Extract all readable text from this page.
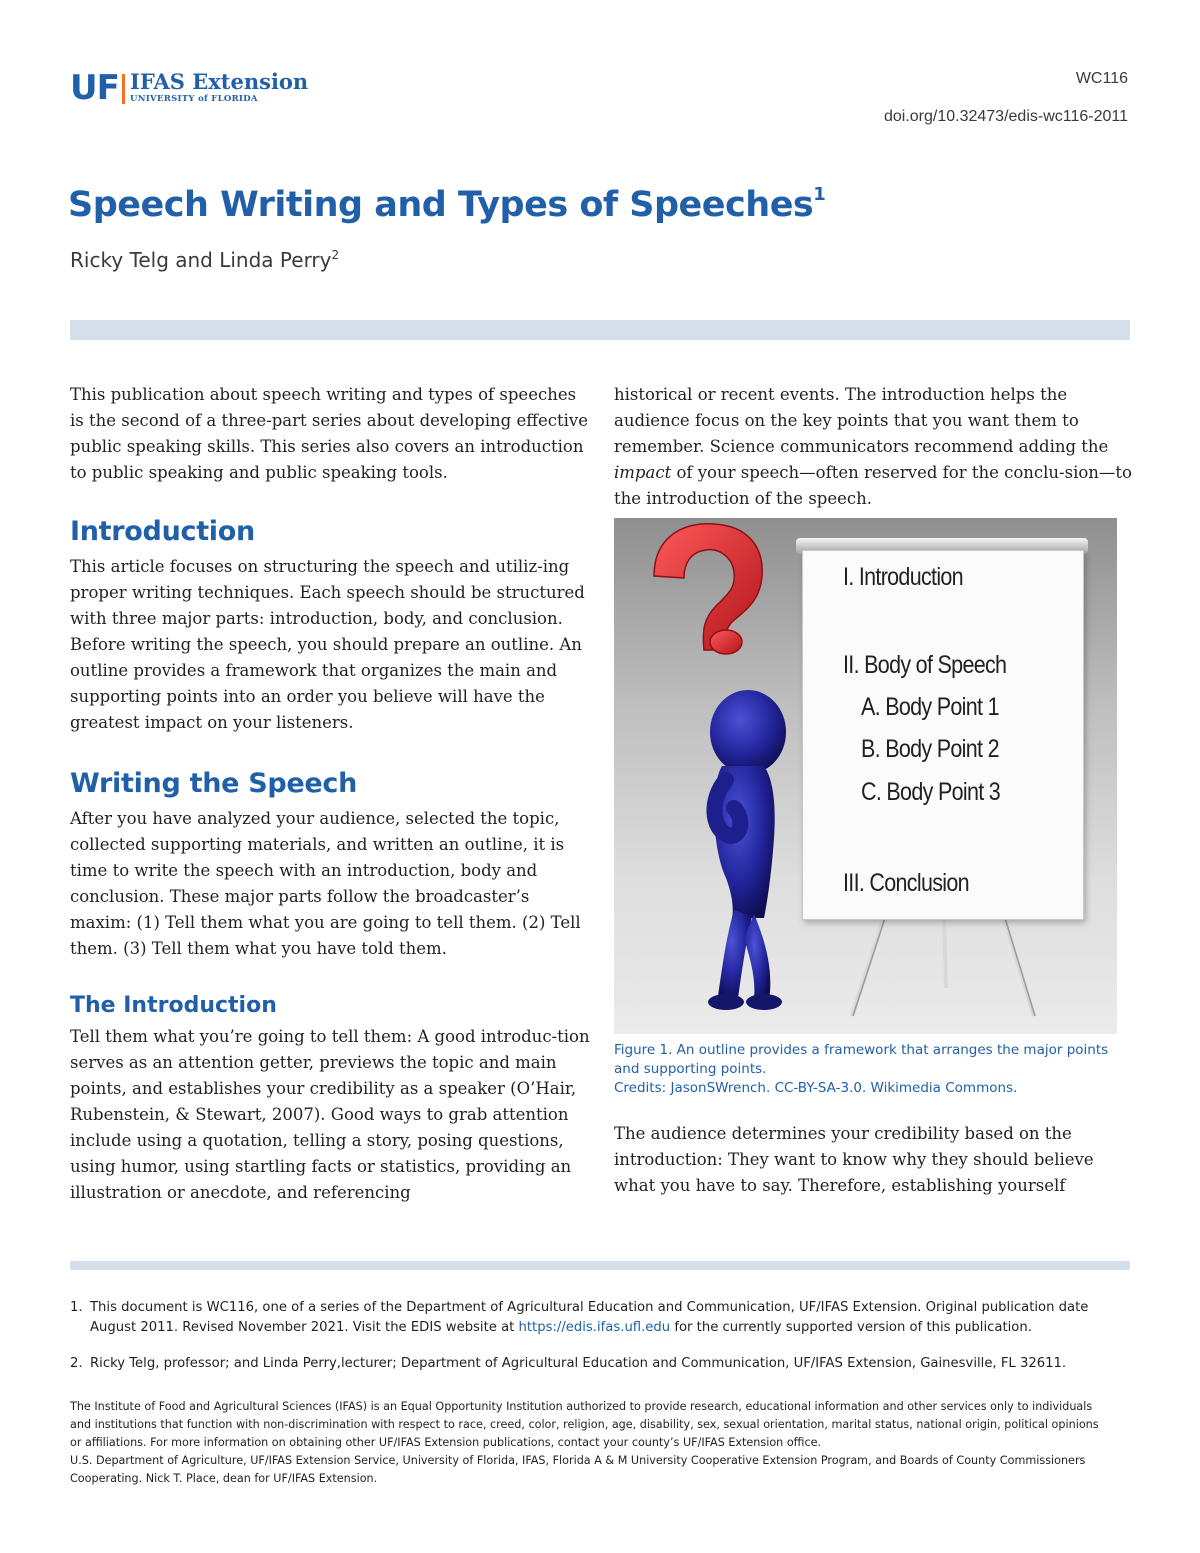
UF IFAS Extension
UNIVERSITY of FLORIDA
WC116
doi.org/10.32473/edis-wc116-2011
Speech Writing and Types of Speeches$^1$
Ricky Telg and Linda Perry$^2$

This publication about speech writing and types of speeches is the second of a three-part series about developing effective public speaking skills. This series also covers an introduction to public speaking and public speaking tools.

Introduction

This article focuses on structuring the speech and utiliz-ing proper writing techniques. Each speech should be structured with three major parts: introduction, body, and conclusion. Before writing the speech, you should prepare an outline. An outline provides a framework that organizes the main and supporting points into an order you believe will have the greatest impact on your listeners.

Writing the Speech

After you have analyzed your audience, selected the topic, collected supporting materials, and written an outline, it is time to write the speech with an introduction, body and conclusion. These major parts follow the broadcaster’s maxim: (1) Tell them what you are going to tell them. (2) Tell them. (3) Tell them what you have told them.

The Introduction

Tell them what you’re going to tell them: A good introduc-tion serves as an attention getter, previews the topic and main points, and establishes your credibility as a speaker (O’Hair, Rubenstein, & Stewart, 2007). Good ways to grab attention include using a quotation, telling a story, posing questions, using humor, using startling facts or statistics, providing an illustration or anecdote, and referencing

historical or recent events. The introduction helps the audience focus on the key points that you want them to remember. Science communicators recommend adding the impact of your speech—often reserved for the conclu-sion—to the introduction of the speech.

I. Introduction
II. Body of Speech
A. Body Point 1
B. Body Point 2
C. Body Point 3
III. Conclusion
Figure 1. An outline provides a framework that arranges the major points and supporting points.
Credits: JasonSWrench. CC-BY-SA-3.0. Wikimedia Commons.

The audience determines your credibility based on the introduction: They want to know why they should believe what you have to say. Therefore, establishing yourself

1. This document is WC116, one of a series of the Department of Agricultural Education and Communication, UF/IFAS Extension. Original publication date August 2011. Revised November 2021. Visit the EDIS website at https://edis.ifas.ufl.edu for the currently supported version of this publication.
2. Ricky Telg, professor; and Linda Perry,lecturer; Department of Agricultural Education and Communication, UF/IFAS Extension, Gainesville, FL 32611.
The Institute of Food and Agricultural Sciences (IFAS) is an Equal Opportunity Institution authorized to provide research, educational information and other services only to individuals and institutions that function with non-discrimination with respect to race, creed, color, religion, age, disability, sex, sexual orientation, marital status, national origin, political opinions or affiliations. For more information on obtaining other UF/IFAS Extension publications, contact your county’s UF/IFAS Extension office.
U.S. Department of Agriculture, UF/IFAS Extension Service, University of Florida, IFAS, Florida A & M University Cooperative Extension Program, and Boards of County Commissioners Cooperating. Nick T. Place, dean for UF/IFAS Extension.
